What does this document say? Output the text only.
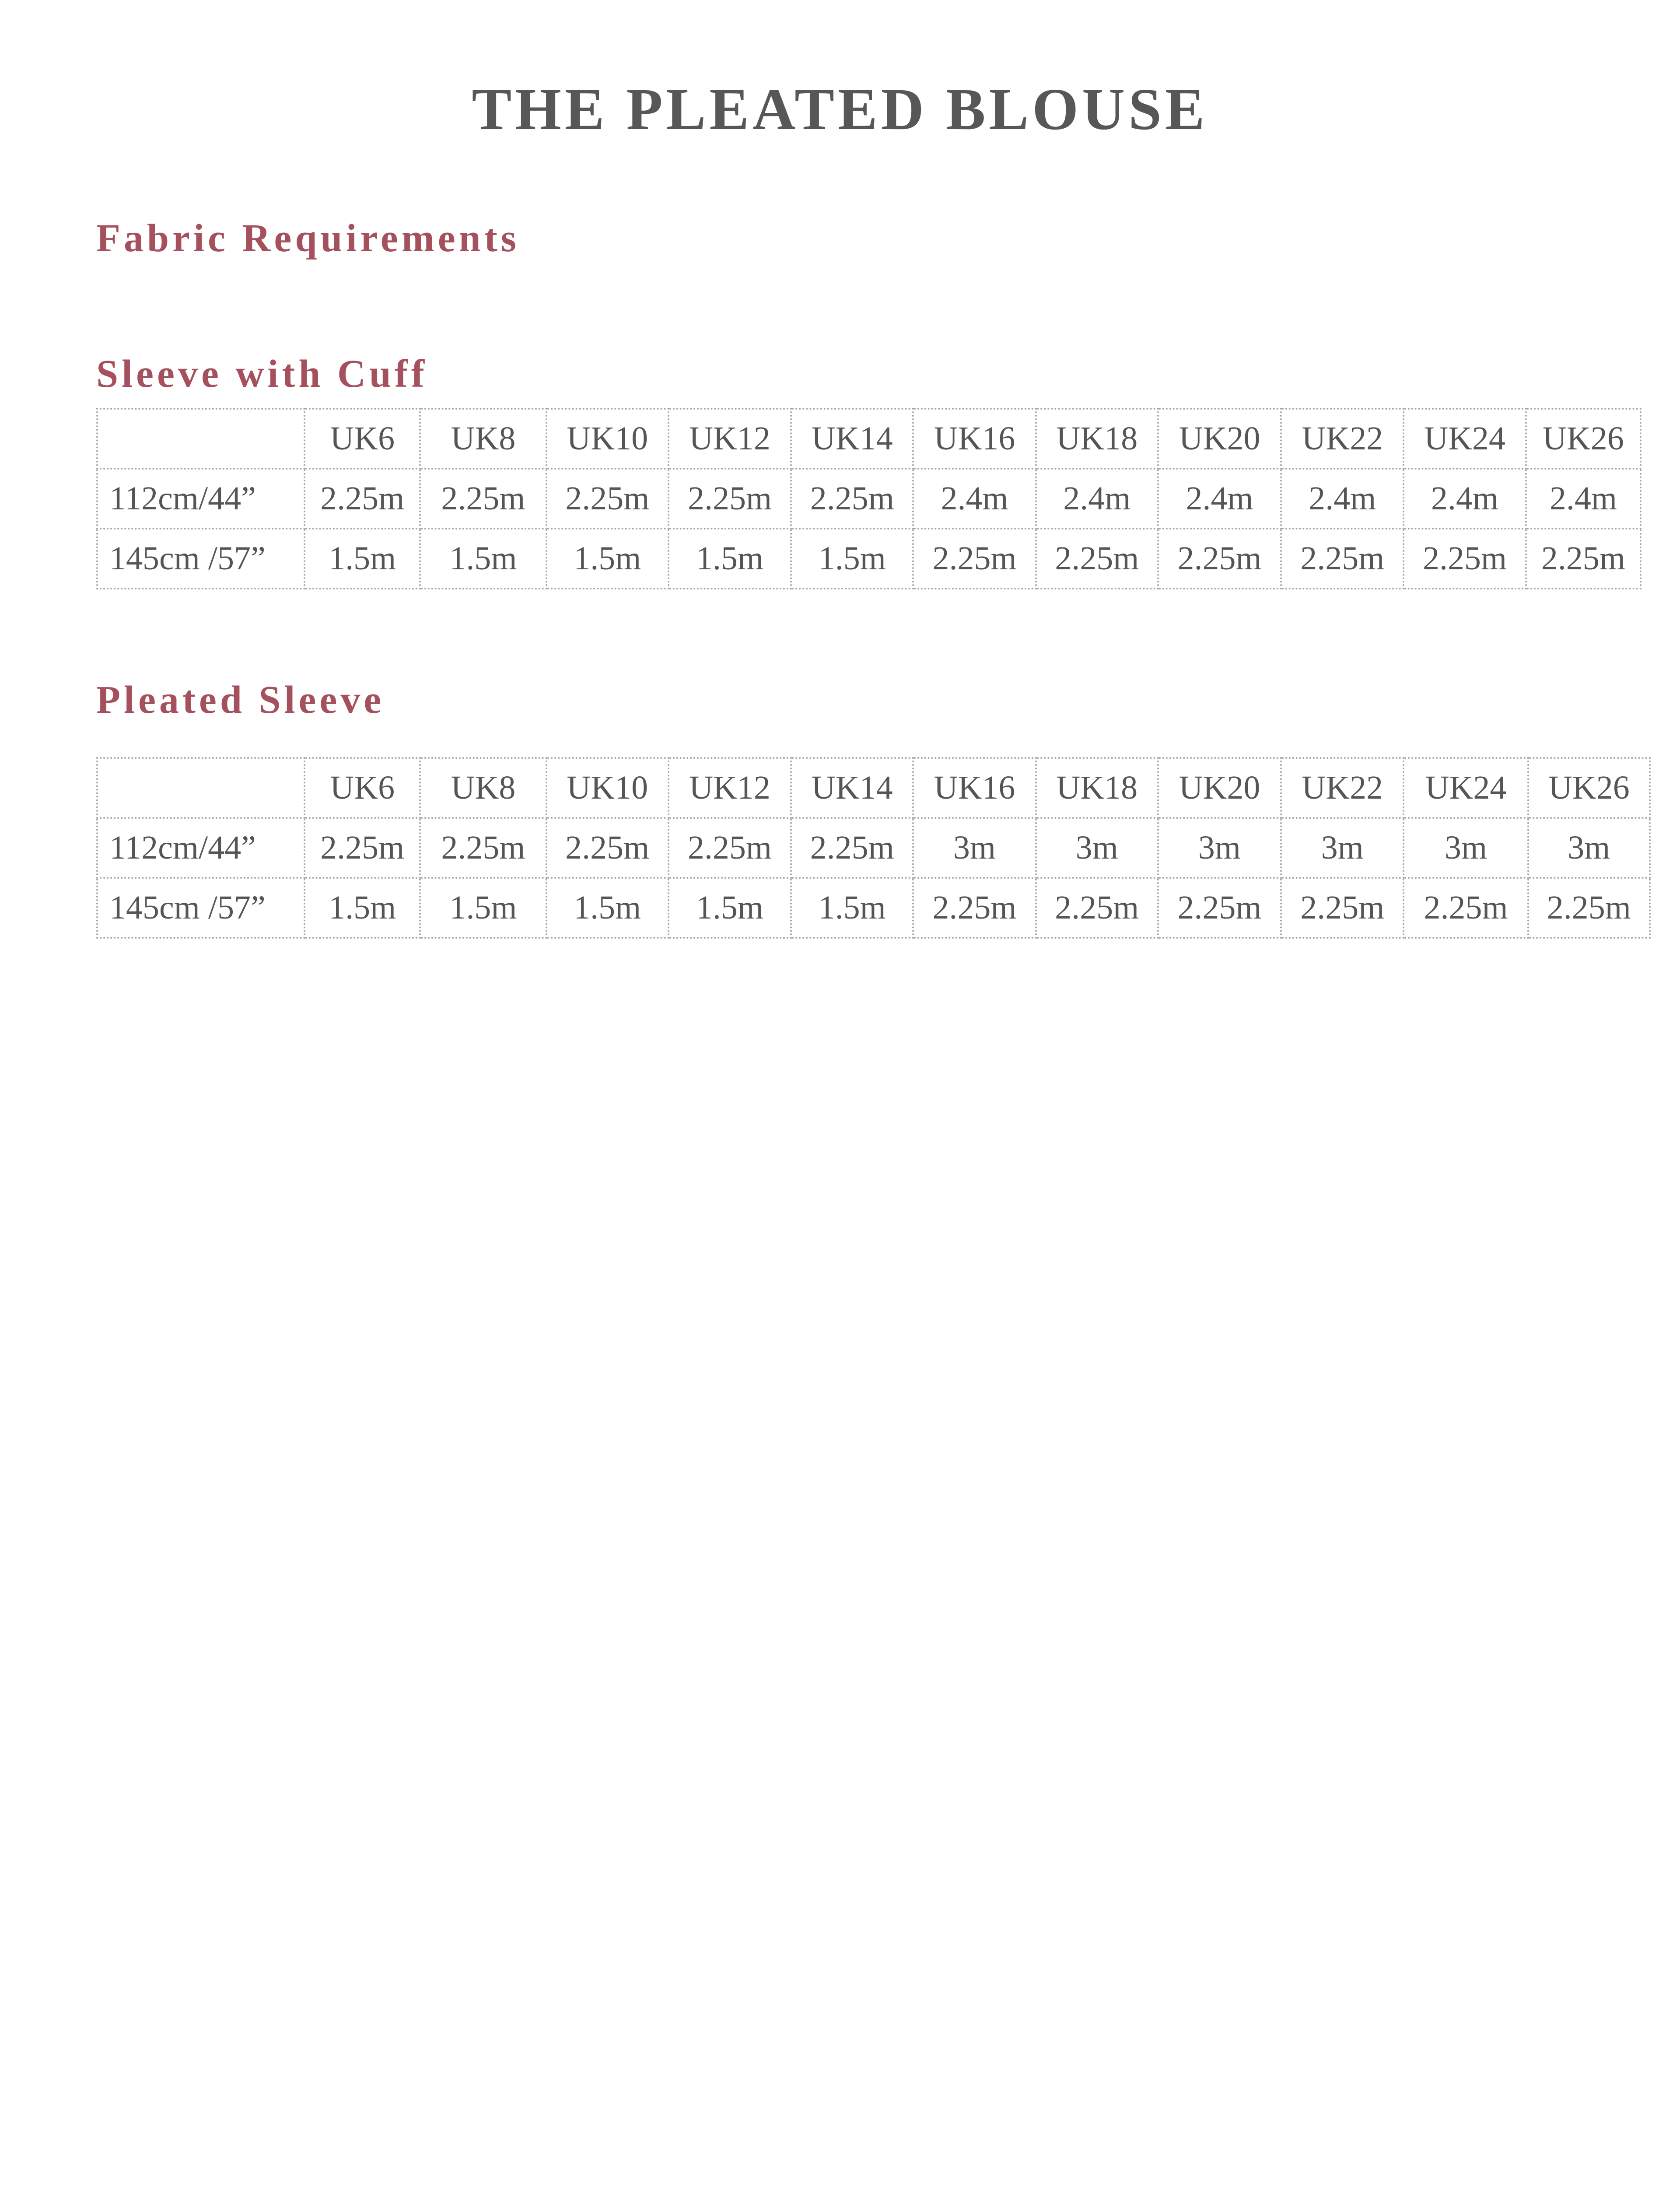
THE PLEATED BLOUSE
Fabric Requirements
Sleeve with Cuff
	UK6	UK8	UK10	UK12	UK14	UK16	UK18	UK20	UK22	UK24	UK26
112cm/44”	2.25m	2.25m	2.25m	2.25m	2.25m	2.4m	2.4m	2.4m	2.4m	2.4m	2.4m
145cm /57”	1.5m	1.5m	1.5m	1.5m	1.5m	2.25m	2.25m	2.25m	2.25m	2.25m	2.25m
Pleated Sleeve
	UK6	UK8	UK10	UK12	UK14	UK16	UK18	UK20	UK22	UK24	UK26
112cm/44”	2.25m	2.25m	2.25m	2.25m	2.25m	3m	3m	3m	3m	3m	3m
145cm /57”	1.5m	1.5m	1.5m	1.5m	1.5m	2.25m	2.25m	2.25m	2.25m	2.25m	2.25m
